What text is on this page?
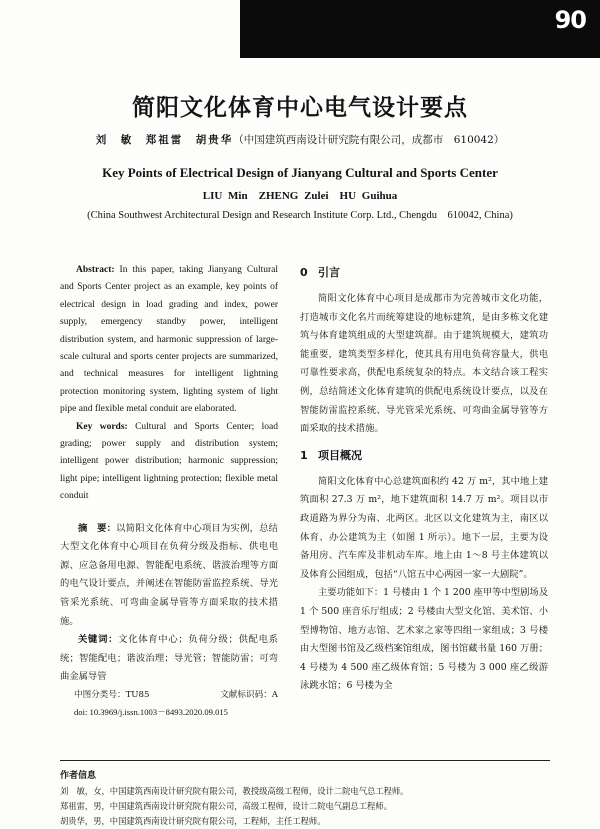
90
简阳文化体育中心电气设计要点
刘　敏　郑祖雷　胡贵华（中国建筑西南设计研究院有限公司，成都市　610042）
Key Points of Electrical Design of Jianyang Cultural and Sports Center
LIU Min　ZHENG Zulei　HU Guihua
(China Southwest Architectural Design and Research Institute Corp. Ltd., Chengdu　610042, China)

Abstract: In this paper, taking Jianyang Cultural and Sports Center project as an example, key points of electrical design in load grading and index, power supply, emergency standby power, intelligent distribution system, and harmonic suppression of large-scale cultural and sports center projects are summarized, and technical measures for intelligent lightning protection monitoring system, lighting system of light pipe and flexible metal conduit are elaborated.

Key words: Cultural and Sports Center; load grading; power supply and distribution system; intelligent power distribution; harmonic suppression; light pipe; intelligent lightning protection; flexible metal conduit

摘　要：以简阳文化体育中心项目为实例，总结大型文化体育中心项目在负荷分级及指标、供电电源、应急备用电源、智能配电系统、谐波治理等方面的电气设计要点，并阐述在智能防雷监控系统、导光管采光系统、可弯曲金属导管等方面采取的技术措施。

关键词：文化体育中心；负荷分级；供配电系统；智能配电；谐波治理；导光管；智能防雷；可弯曲金属导管

中图分类号：TU85	文献标识码：A
doi: 10.3969/j.issn.1003－8493.2020.09.015
0 引言

简阳文化体育中心项目是成都市为完善城市文化功能，打造城市文化名片而统筹建设的地标建筑，是由多栋文化建筑与体育建筑组成的大型建筑群。由于建筑规模大，建筑功能重要，建筑类型多样化，使其具有用电负荷容量大，供电可靠性要求高，供配电系统复杂的特点。本文结合该工程实例，总结简述文化体育建筑的供配电系统设计要点，以及在智能防雷监控系统、导光管采光系统、可弯曲金属导管等方面采取的技术措施。

1 项目概况

简阳文化体育中心总建筑面积约 42 万 m²，其中地上建筑面积 27.3 万 m²，地下建筑面积 14.7 万 m²。项目以市政道路为界分为南、北两区。北区以文化建筑为主，南区以体育、办公建筑为主（如图 1 所示）。地下一层，主要为设备用房、汽车库及非机动车库。地上由 1～8 号主体建筑以及体育公园组成，包括“八馆五中心两园一家一大剧院”。

主要功能如下：1 号楼由 1 个 1 200 座甲等中型剧场及 1 个 500 座音乐厅组成；2 号楼由大型文化馆、美术馆、小型博物馆、地方志馆、艺术家之家等四组一家组成；3 号楼由大型图书馆及乙级档案馆组成，图书馆藏书量 160 万册；4 号楼为 4 500 座乙级体育馆；5 号楼为 3 000 座乙级游泳跳水馆；6 号楼为全

作者信息
刘　敏，女，中国建筑西南设计研究院有限公司，教授级高级工程师，设计二院电气总工程师。
郑祖雷，男，中国建筑西南设计研究院有限公司，高级工程师，设计二院电气副总工程师。
胡贵华，男，中国建筑西南设计研究院有限公司，工程师，主任工程师。
